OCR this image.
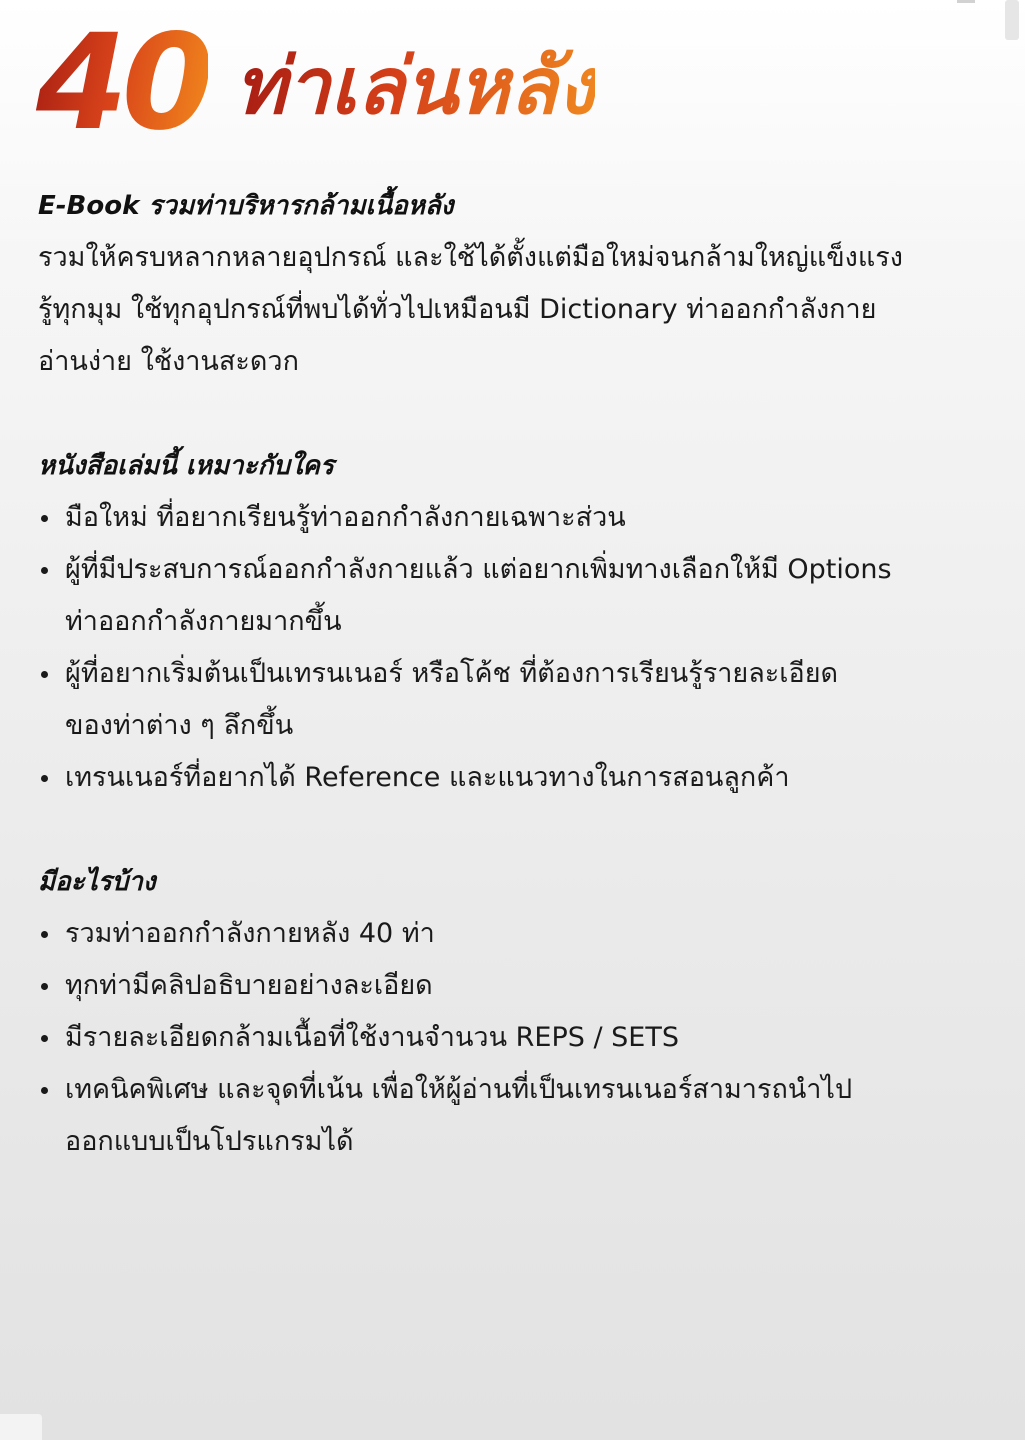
40 ท่าเล่นหลัง
E-Book รวมท่าบริหารกล้ามเนื้อหลัง

รวมให้ครบหลากหลายอุปกรณ์ และใช้ได้ตั้งแต่มือใหม่จนกล้ามใหญ่แข็งแรง

รู้ทุกมุม ใช้ทุกอุปกรณ์ที่พบได้ทั่วไปเหมือนมี Dictionary ท่าออกกำลังกาย

อ่านง่าย ใช้งานสะดวก

หนังสือเล่มนี้ เหมาะกับใคร
มือใหม่ ที่อยากเรียนรู้ท่าออกกำลังกายเฉพาะส่วน
ผู้ที่มีประสบการณ์ออกกำลังกายแล้ว แต่อยากเพิ่มทางเลือกให้มี Options
ท่าออกกำลังกายมากขึ้น
ผู้ที่อยากเริ่มต้นเป็นเทรนเนอร์ หรือโค้ช ที่ต้องการเรียนรู้รายละเอียด
ของท่าต่าง ๆ ลึกขึ้น
เทรนเนอร์ที่อยากได้ Reference และแนวทางในการสอนลูกค้า
มีอะไรบ้าง
รวมท่าออกกำลังกายหลัง 40 ท่า
ทุกท่ามีคลิปอธิบายอย่างละเอียด
มีรายละเอียดกล้ามเนื้อที่ใช้งานจำนวน REPS / SETS
เทคนิคพิเศษ และจุดที่เน้น เพื่อให้ผู้อ่านที่เป็นเทรนเนอร์สามารถนำไป
ออกแบบเป็นโปรแกรมได้
